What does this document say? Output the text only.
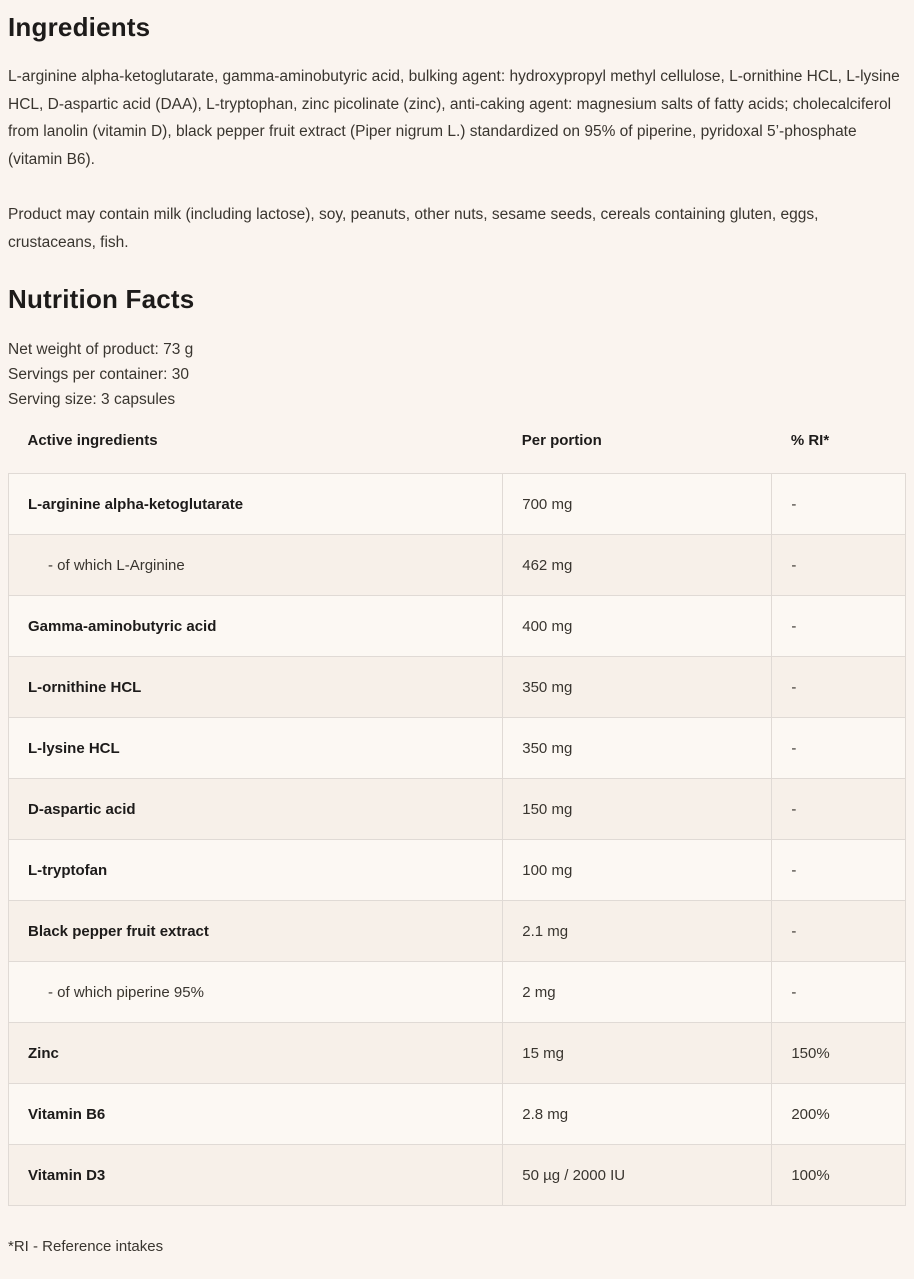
Ingredients

L-arginine alpha-ketoglutarate, gamma-aminobutyric acid, bulking agent: hydroxypropyl methyl cellulose, L-ornithine HCL, L-lysine HCL, D-aspartic acid (DAA), L-tryptophan, zinc picolinate (zinc), anti-caking agent: magnesium salts of fatty acids; cholecalciferol from lanolin (vitamin D), black pepper fruit extract (Piper nigrum L.) standardized on 95% of piperine, pyridoxal 5’-phosphate (vitamin B6).

Product may contain milk (including lactose), soy, peanuts, other nuts, sesame seeds, cereals containing gluten, eggs, crustaceans, fish.

Nutrition Facts

Net weight of product: 73 g

Servings per container: 30

Serving size: 3 capsules

Active ingredients	Per portion	% RI*
L-arginine alpha-ketoglutarate	700 mg	-
- of which L-Arginine	462 mg	-
Gamma-aminobutyric acid	400 mg	-
L-ornithine HCL	350 mg	-
L-lysine HCL	350 mg	-
D-aspartic acid	150 mg	-
L-tryptofan	100 mg	-
Black pepper fruit extract	2.1 mg	-
- of which piperine 95%	2 mg	-
Zinc	15 mg	150%
Vitamin B6	2.8 mg	200%
Vitamin D3	50 µg / 2000 IU	100%

*RI - Reference intakes
